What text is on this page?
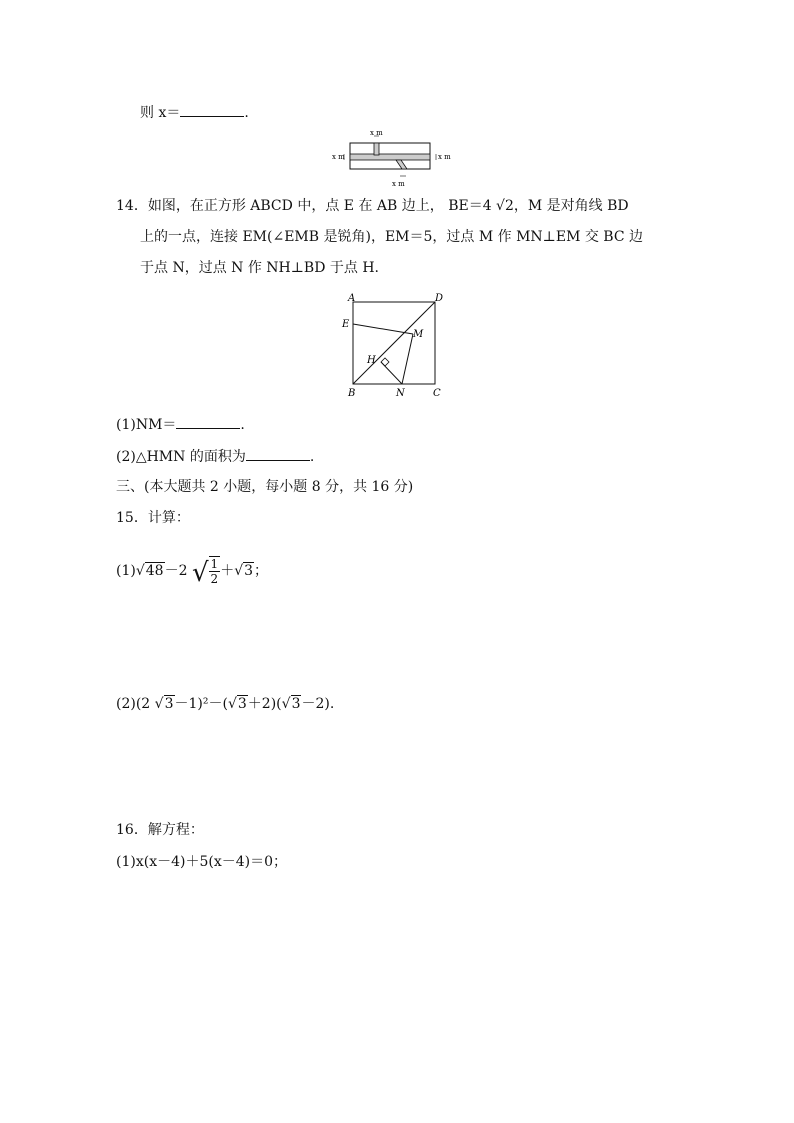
则 x＝	.
x m
x m	x m
x m
14．如图，在正方形 ABCD 中，点 E 在 AB 边上， BE＝4 √2，M 是对角线 BD
上的一点，连接 EM(∠EMB 是锐角)，EM＝5，过点 M 作 MN⊥EM 交 BC 边
于点 N，过点 N 作 NH⊥BD 于点 H.
A	D
E
M
H
B	N	C
(1)NM＝	.
(2)△HMN 的面积为	.
三、(本大题共 2 小题，每小题 8 分，共 16 分)
15．计算：
(1)√48－2 √ $\frac{1}{2} +√3$；
(2)(2 √3－1)²－(√3＋2)(√3－2).
16．解方程：
(1)x(x－4)＋5(x－4)＝0；
